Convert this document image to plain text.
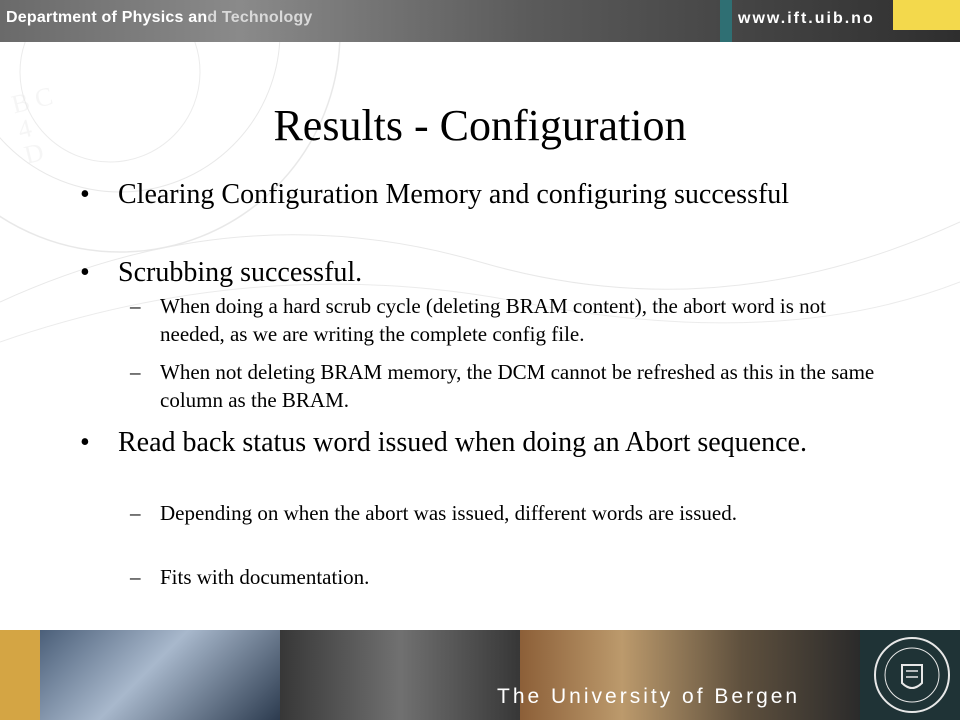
Department of Physics and Technology	www.ift.uib.no
B C
4
D
Results - Configuration
• Clearing Configuration Memory and configuring successful
• Scrubbing successful.
– When doing a hard scrub cycle (deleting BRAM content), the abort word is not needed, as we are writing the complete config file.
– When not deleting BRAM memory, the DCM cannot be refreshed as this in the same column as the BRAM.
• Read back status word issued when doing an Abort sequence.
– Depending on when the abort was issued, different words are issued.
– Fits with documentation.
The University of Bergen
